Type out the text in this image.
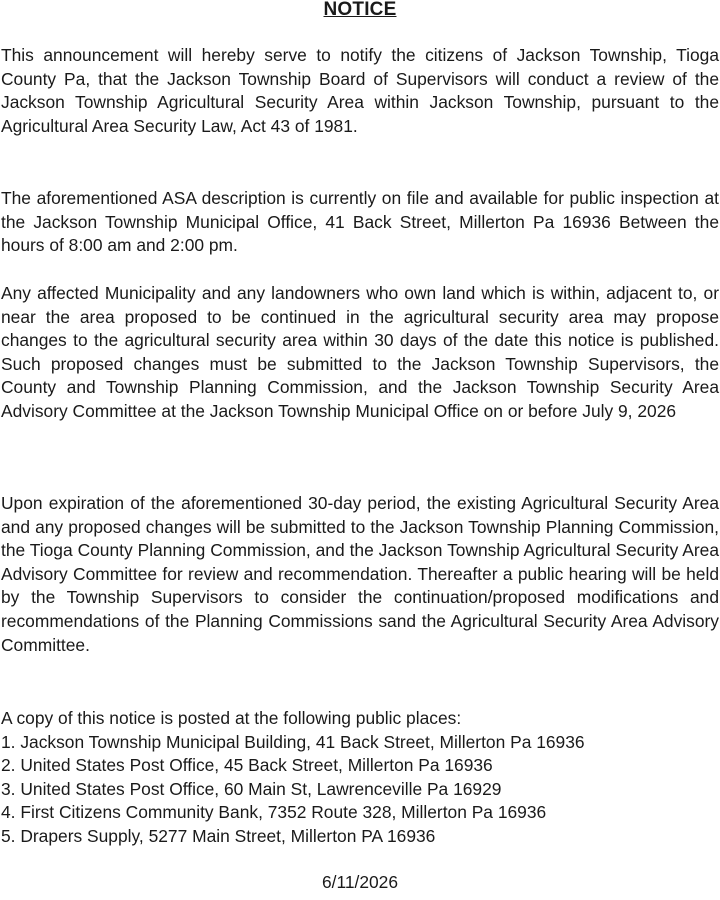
NOTICE

This announcement will hereby serve to notify the citizens of Jackson Township, Tioga County Pa, that the Jackson Township Board of Supervisors will conduct a review of the Jackson Township Agricultural Security Area within Jackson Township, pursuant to the Agricultural Area Security Law, Act 43 of 1981.

The aforementioned ASA description is currently on file and available for public inspection at the Jackson Township Municipal Office, 41 Back Street, Millerton Pa 16936 Between the hours of 8:00 am and 2:00 pm.

Any affected Municipality and any landowners who own land which is within, adjacent to, or near the area proposed to be continued in the agricultural security area may propose changes to the agricultural security area within 30 days of the date this notice is published. Such proposed changes must be submitted to the Jackson Township Supervisors, the County and Township Planning Commission, and the Jackson Township Security Area Advisory Committee at the Jackson Township Municipal Office on or before July 9, 2026

Upon expiration of the aforementioned 30-day period, the existing Agricultural Security Area and any proposed changes will be submitted to the Jackson Township Planning Commission, the Tioga County Planning Commission, and the Jackson Township Agricultural Security Area Advisory Committee for review and recommendation. Thereafter a public hearing will be held by the Township Supervisors to consider the continuation/proposed modifications and recommendations of the Planning Commissions sand the Agricultural Security Area Advisory Committee.

A copy of this notice is posted at the following public places:

1. Jackson Township Municipal Building, 41 Back Street, Millerton Pa 16936
2. United States Post Office, 45 Back Street, Millerton Pa 16936
3. United States Post Office, 60 Main St, Lawrenceville Pa 16929
4. First Citizens Community Bank, 7352 Route 328, Millerton Pa 16936
5. Drapers Supply, 5277 Main Street, Millerton PA 16936
6/11/2026
